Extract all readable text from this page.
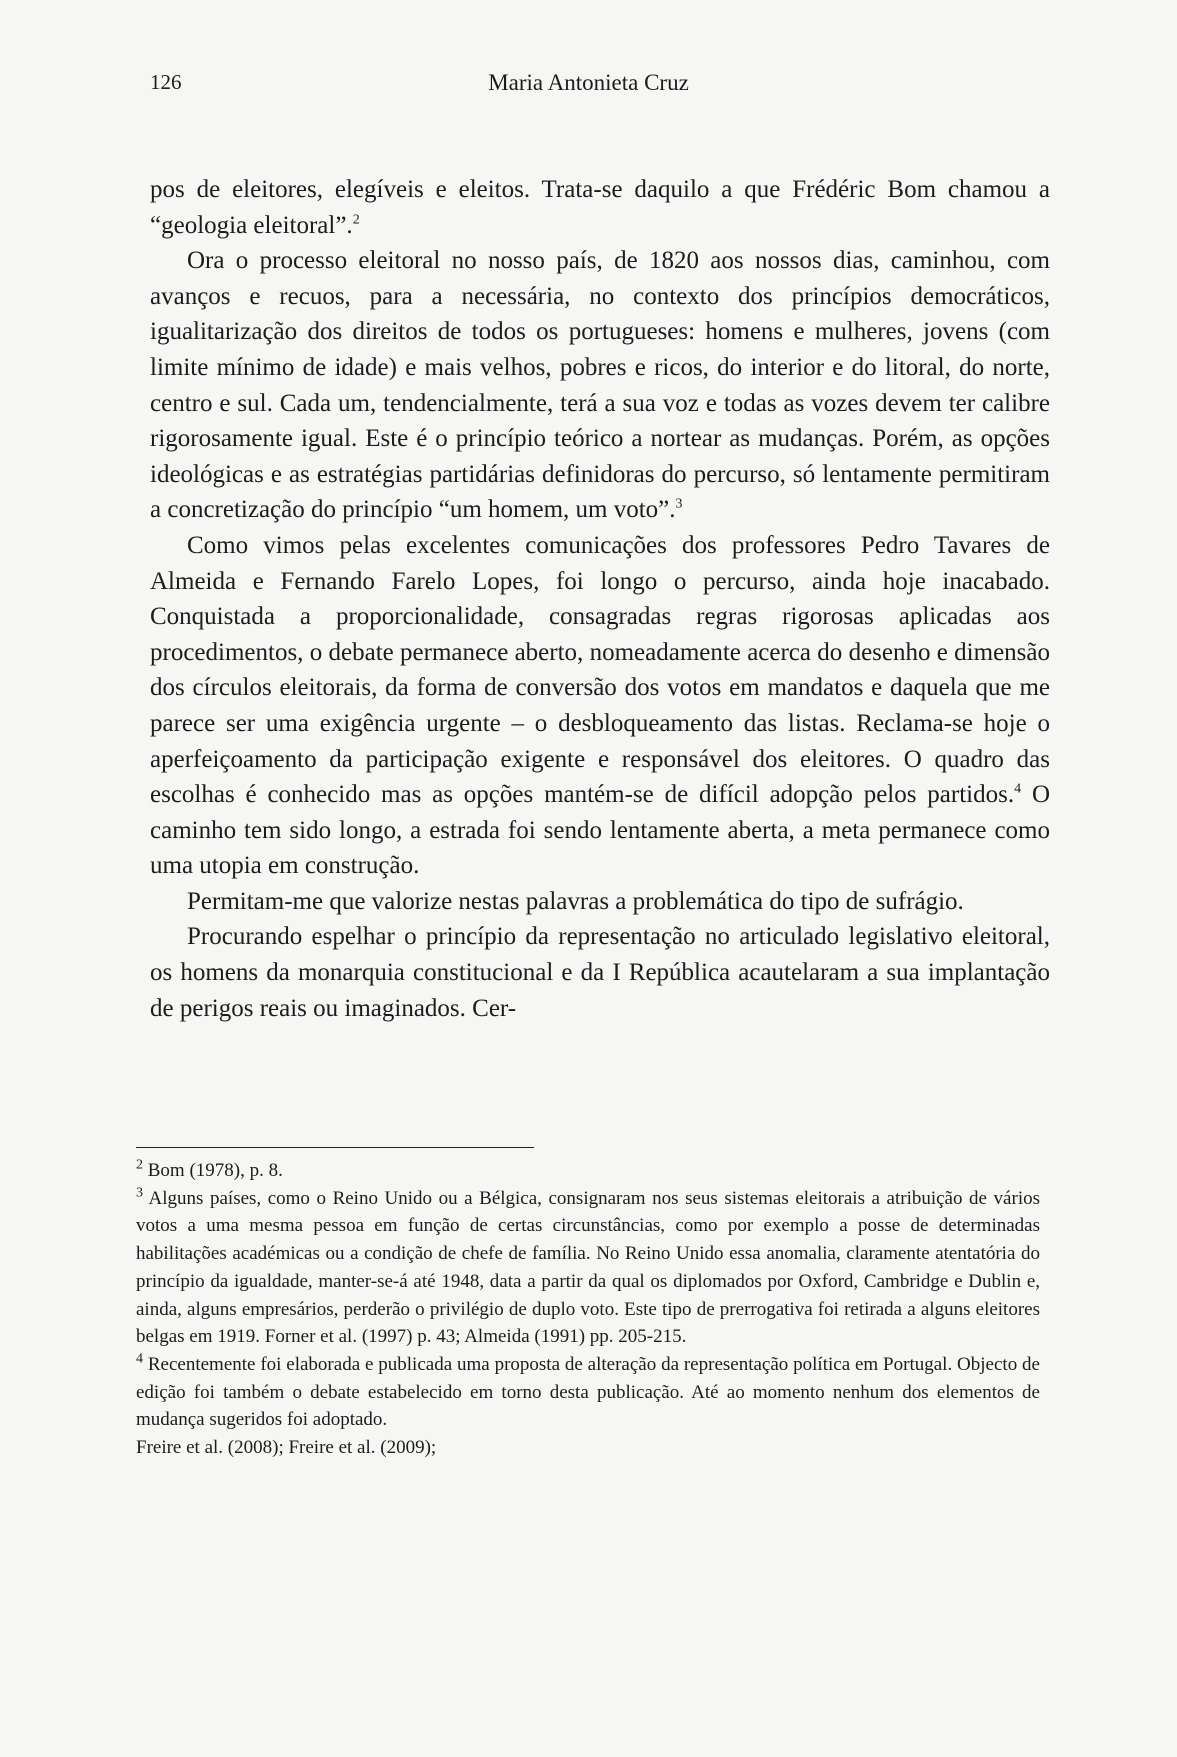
126	Maria Antonieta Cruz

pos de eleitores, elegíveis e eleitos. Trata-se daquilo a que Frédéric Bom chamou a “geologia eleitoral”.$^2$

Ora o processo eleitoral no nosso país, de 1820 aos nossos dias, caminhou, com avanços e recuos, para a necessária, no contexto dos princípios democráticos, igualitarização dos direitos de todos os portugueses: homens e mulheres, jovens (com limite mínimo de idade) e mais velhos, pobres e ricos, do interior e do litoral, do norte, centro e sul. Cada um, tendencialmente, terá a sua voz e todas as vozes devem ter calibre rigorosamente igual. Este é o princípio teórico a nortear as mudanças. Porém, as opções ideológicas e as estratégias partidárias definidoras do percurso, só lentamente permitiram a concretização do princípio “um homem, um voto”.$^3$

Como vimos pelas excelentes comunicações dos professores Pedro Tavares de Almeida e Fernando Farelo Lopes, foi longo o percurso, ainda hoje inacabado. Conquistada a proporcionalidade, consagradas regras rigorosas aplicadas aos procedimentos, o debate permanece aberto, nomeadamente acerca do desenho e dimensão dos círculos eleitorais, da forma de conversão dos votos em mandatos e daquela que me parece ser uma exigência urgente – o desbloqueamento das listas. Reclama-se hoje o aperfeiçoamento da participação exigente e responsável dos eleitores. O quadro das escolhas é conhecido mas as opções mantém-se de difícil adopção pelos partidos.$^4$ O caminho tem sido longo, a estrada foi sendo lentamente aberta, a meta permanece como uma utopia em construção.

Permitam-me que valorize nestas palavras a problemática do tipo de sufrágio.

Procurando espelhar o princípio da representação no articulado legislativo eleitoral, os homens da monarquia constitucional e da I República acautelaram a sua implantação de perigos reais ou imaginados. Cer-

$^2$ Bom (1978), p. 8.

$^3$ Alguns países, como o Reino Unido ou a Bélgica, consignaram nos seus sistemas eleitorais a atribuição de vários votos a uma mesma pessoa em função de certas circunstâncias, como por exemplo a posse de determinadas habilitações académicas ou a condição de chefe de família. No Reino Unido essa anomalia, claramente atentatória do princípio da igualdade, manter-se-á até 1948, data a partir da qual os diplomados por Oxford, Cambridge e Dublin e, ainda, alguns empresários, perderão o privilégio de duplo voto. Este tipo de prerrogativa foi retirada a alguns eleitores belgas em 1919. Forner et al. (1997) p. 43; Almeida (1991) pp. 205-215.

$^4$ Recentemente foi elaborada e publicada uma proposta de alteração da representação política em Portugal. Objecto de edição foi também o debate estabelecido em torno desta publicação. Até ao momento nenhum dos elementos de mudança sugeridos foi adoptado.

Freire et al. (2008); Freire et al. (2009);
